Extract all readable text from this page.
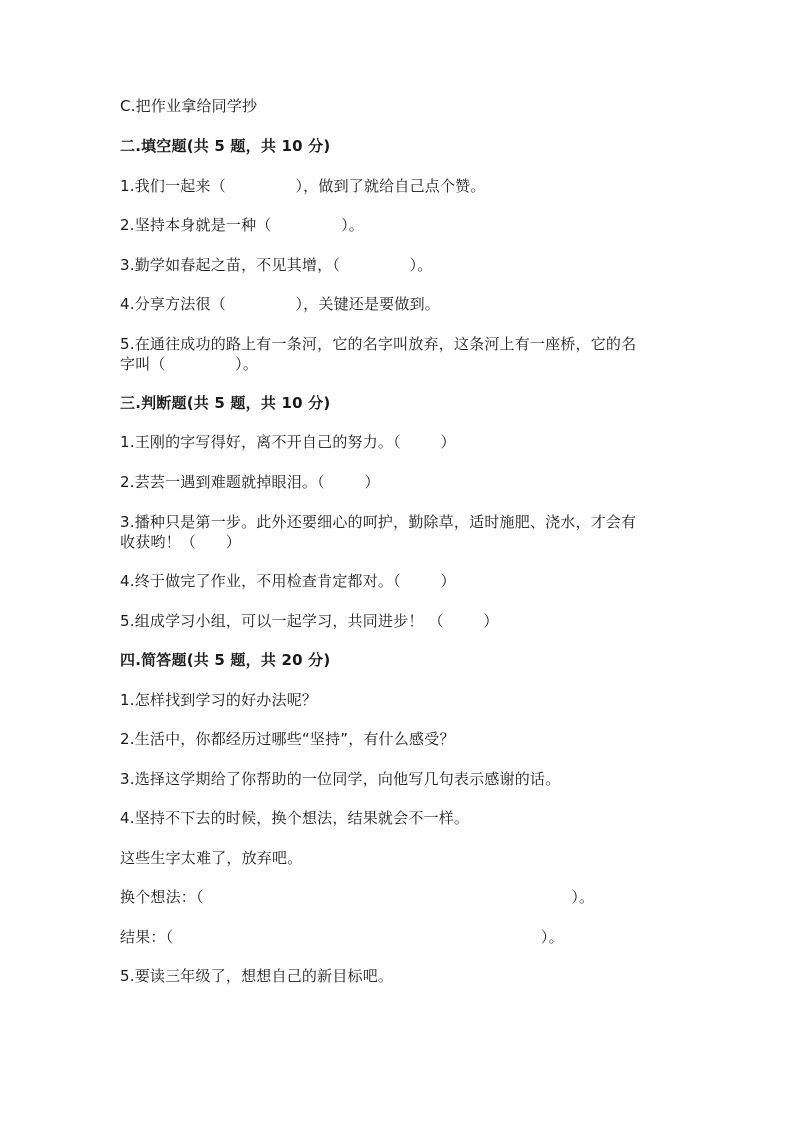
C.把作业拿给同学抄
二.填空题(共 5 题，共 10 分)
1.我们一起来（              ），做到了就给自己点个赞。
2.坚持本身就是一种（              ）。
3.勤学如春起之苗，不见其增，（              ）。
4.分享方法很（              ），关键还是要做到。
5.在通往成功的路上有一条河，它的名字叫放弃，这条河上有一座桥，它的名
字叫（              ）。
三.判断题(共 5 题，共 10 分)
1.王刚的字写得好，离不开自己的努力。（        ）
2.芸芸一遇到难题就掉眼泪。（        ）
3.播种只是第一步。此外还要细心的呵护，勤除草，适时施肥、浇水，才会有
收获哟！（      ）
4.终于做完了作业，不用检查肯定都对。（        ）
5.组成学习小组，可以一起学习，共同进步！ （        ）
四.简答题(共 5 题，共 20 分)
1.怎样找到学习的好办法呢？
2.生活中，你都经历过哪些“坚持”，有什么感受？
3.选择这学期给了你帮助的一位同学，向他写几句表示感谢的话。
4.坚持不下去的时候，换个想法，结果就会不一样。
这些生字太难了，放弃吧。
换个想法：（                                                                          ）。
结果：（                                                                          ）。
5.要读三年级了，想想自己的新目标吧。
